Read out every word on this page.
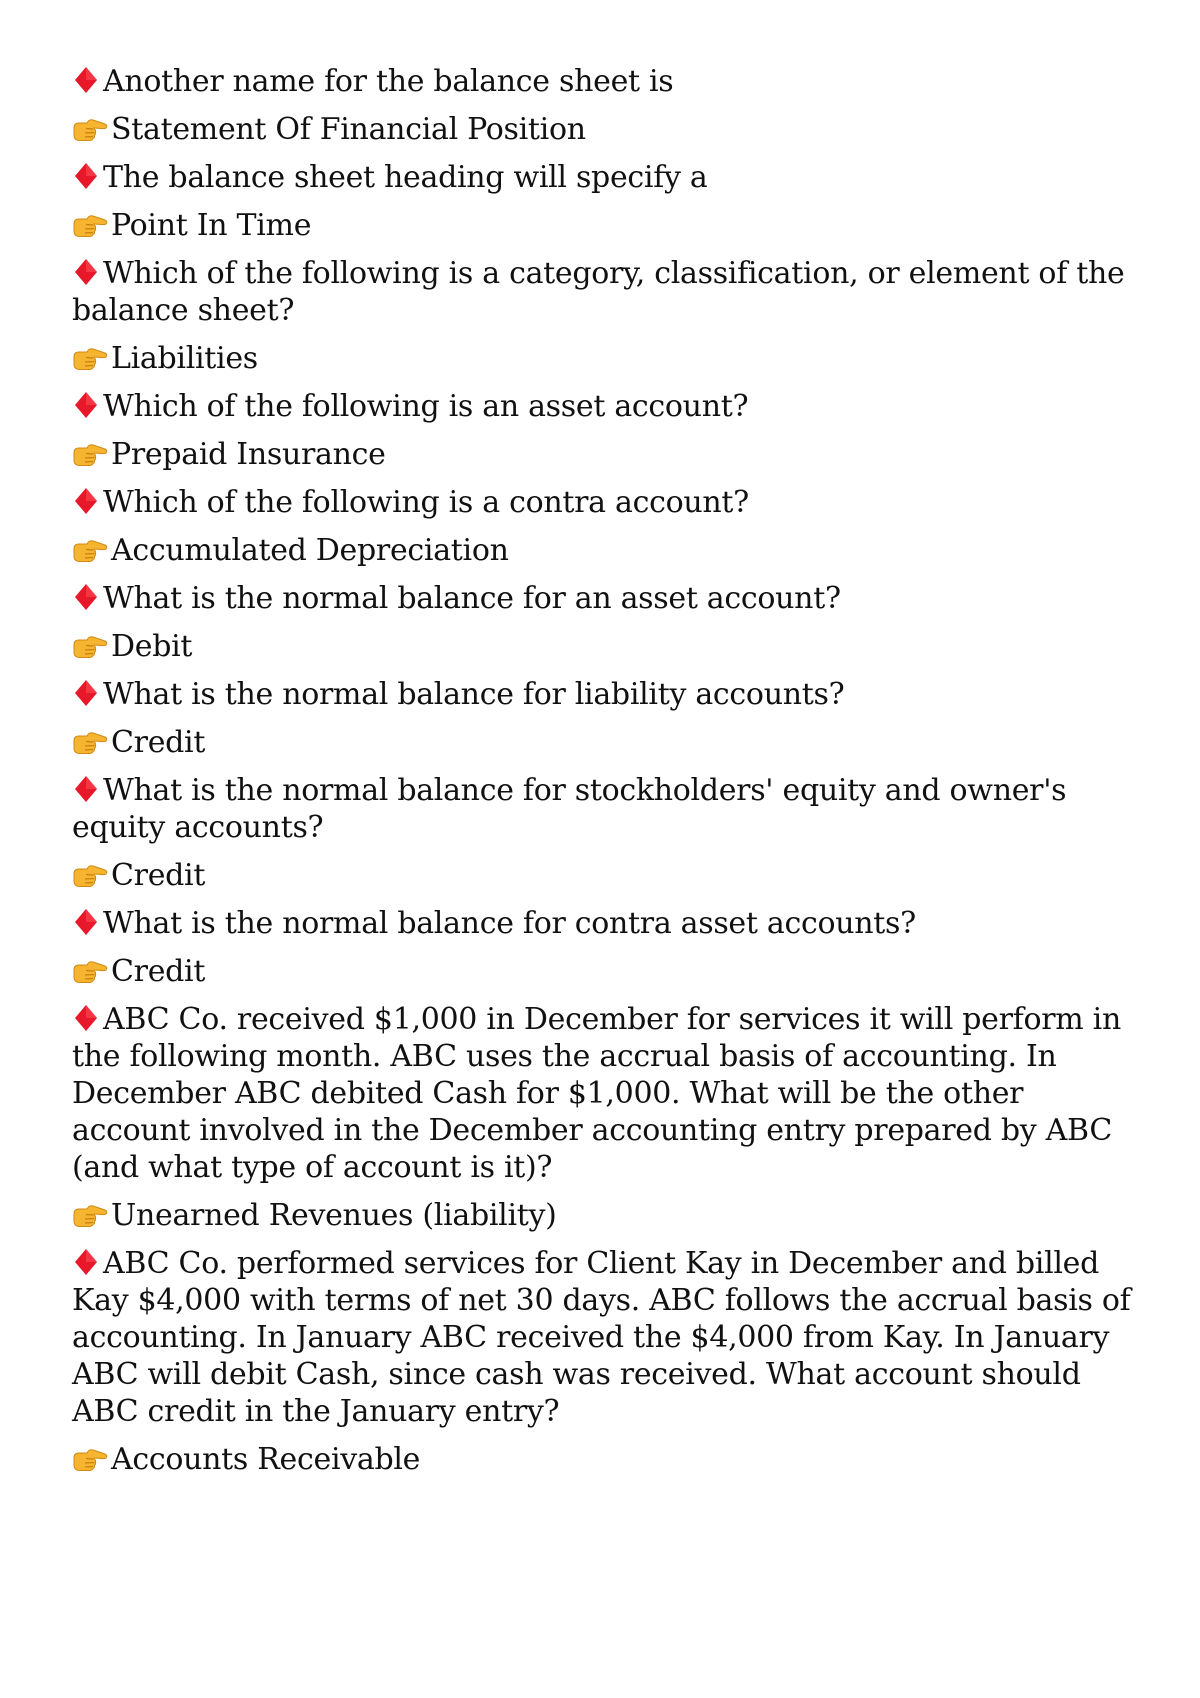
Another name for the balance sheet is

Statement Of Financial Position

The balance sheet heading will specify a

Point In Time

Which of the following is a category, classification, or element of the balance sheet?

Liabilities

Which of the following is an asset account?

Prepaid Insurance

Which of the following is a contra account?

Accumulated Depreciation

What is the normal balance for an asset account?

Debit

What is the normal balance for liability accounts?

Credit

What is the normal balance for stockholders' equity and owner's equity accounts?

Credit

What is the normal balance for contra asset accounts?

Credit

ABC Co. received $1,000 in December for services it will perform in the following month. ABC uses the accrual basis of accounting. In December ABC debited Cash for $1,000. What will be the other account involved in the December accounting entry prepared by ABC (and what type of account is it)?

Unearned Revenues (liability)

ABC Co. performed services for Client Kay in December and billed Kay $4,000 with terms of net 30 days. ABC follows the accrual basis of accounting. In January ABC received the $4,000 from Kay. In January ABC will debit Cash, since cash was received. What account should ABC credit in the January entry?

Accounts Receivable
